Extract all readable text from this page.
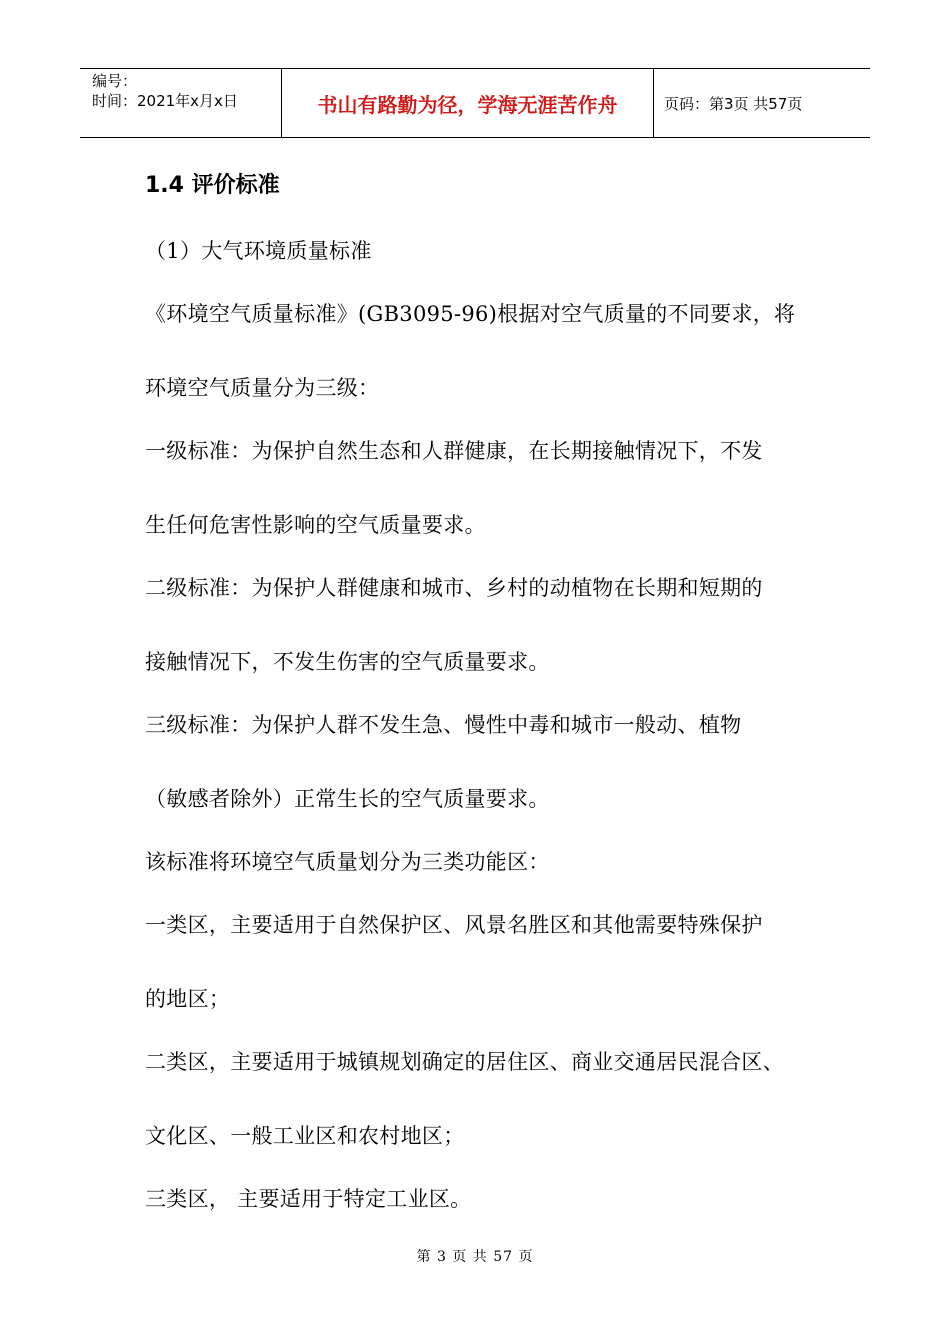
编号：
时间：2021年x月x日	书山有路勤为径，学海无涯苦作舟	页码：第3页 共57页
1.4 评价标准
（1）大气环境质量标准
《环境空气质量标准》(GB3095-96)根据对空气质量的不同要求，将
环境空气质量分为三级：
一级标准：为保护自然生态和人群健康，在长期接触情况下，不发
生任何危害性影响的空气质量要求。
二级标准：为保护人群健康和城市、乡村的动植物在长期和短期的
接触情况下，不发生伤害的空气质量要求。
三级标准：为保护人群不发生急、慢性中毒和城市一般动、植物
（敏感者除外）正常生长的空气质量要求。
该标准将环境空气质量划分为三类功能区：
一类区，主要适用于自然保护区、风景名胜区和其他需要特殊保护
的地区；
二类区，主要适用于城镇规划确定的居住区、商业交通居民混合区、
文化区、一般工业区和农村地区；
三类区， 主要适用于特定工业区。
第 3 页 共 57 页
